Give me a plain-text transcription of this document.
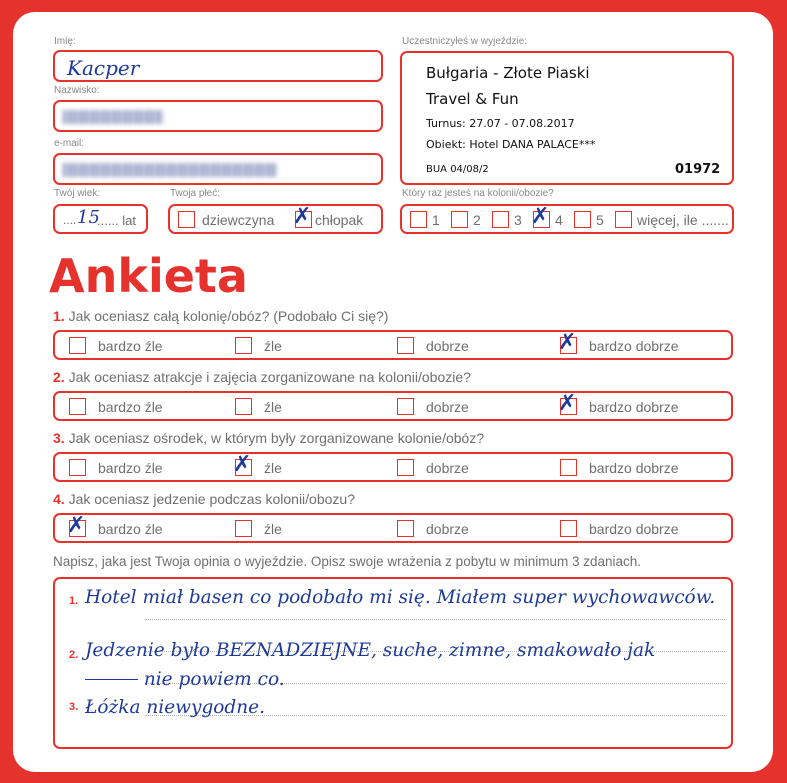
Imię:
Kacper
Nazwisko:
e-mail:
Twój wiek:
.... 15
...... lat
Twoja płeć:
dziewczyna ✗ chłopak
Uczestniczyłeś w wyjeździe:
Bułgaria - Złote Piaski
Travel & Fun
Turnus: 27.07 - 07.08.2017
Obiekt: Hotel DANA PALACE***
BUA 04/08/2	01972
Który raz jesteś na kolonii/obozie?
1 2 3 ✗ 4 5 więcej, ile .......
Ankieta
1. Jak oceniasz całą kolonię/obóz? (Podobało Ci się?)
bardzo źle	źle	dobrze	✗ bardzo dobrze
2. Jak oceniasz atrakcje i zajęcia zorganizowane na kolonii/obozie?
bardzo źle	źle	dobrze	✗ bardzo dobrze
3. Jak oceniasz ośrodek, w którym były zorganizowane kolonie/obóz?
bardzo źle	✗ źle	dobrze	bardzo dobrze
4. Jak oceniasz jedzenie podczas kolonii/obozu?
✗ bardzo źle	źle	dobrze	bardzo dobrze
Napisz, jaka jest Twoja opinia o wyjeździe. Opisz swoje wrażenia z pobytu w minimum 3 zdaniach.
1.
2.
3.
Hotel miał basen co podobało mi się. Miałem super wychowawców.
Jedzenie było BEZNADZIEJNE, suche, zimne, smakowało jak
nie powiem co.
Łóżka niewygodne.
